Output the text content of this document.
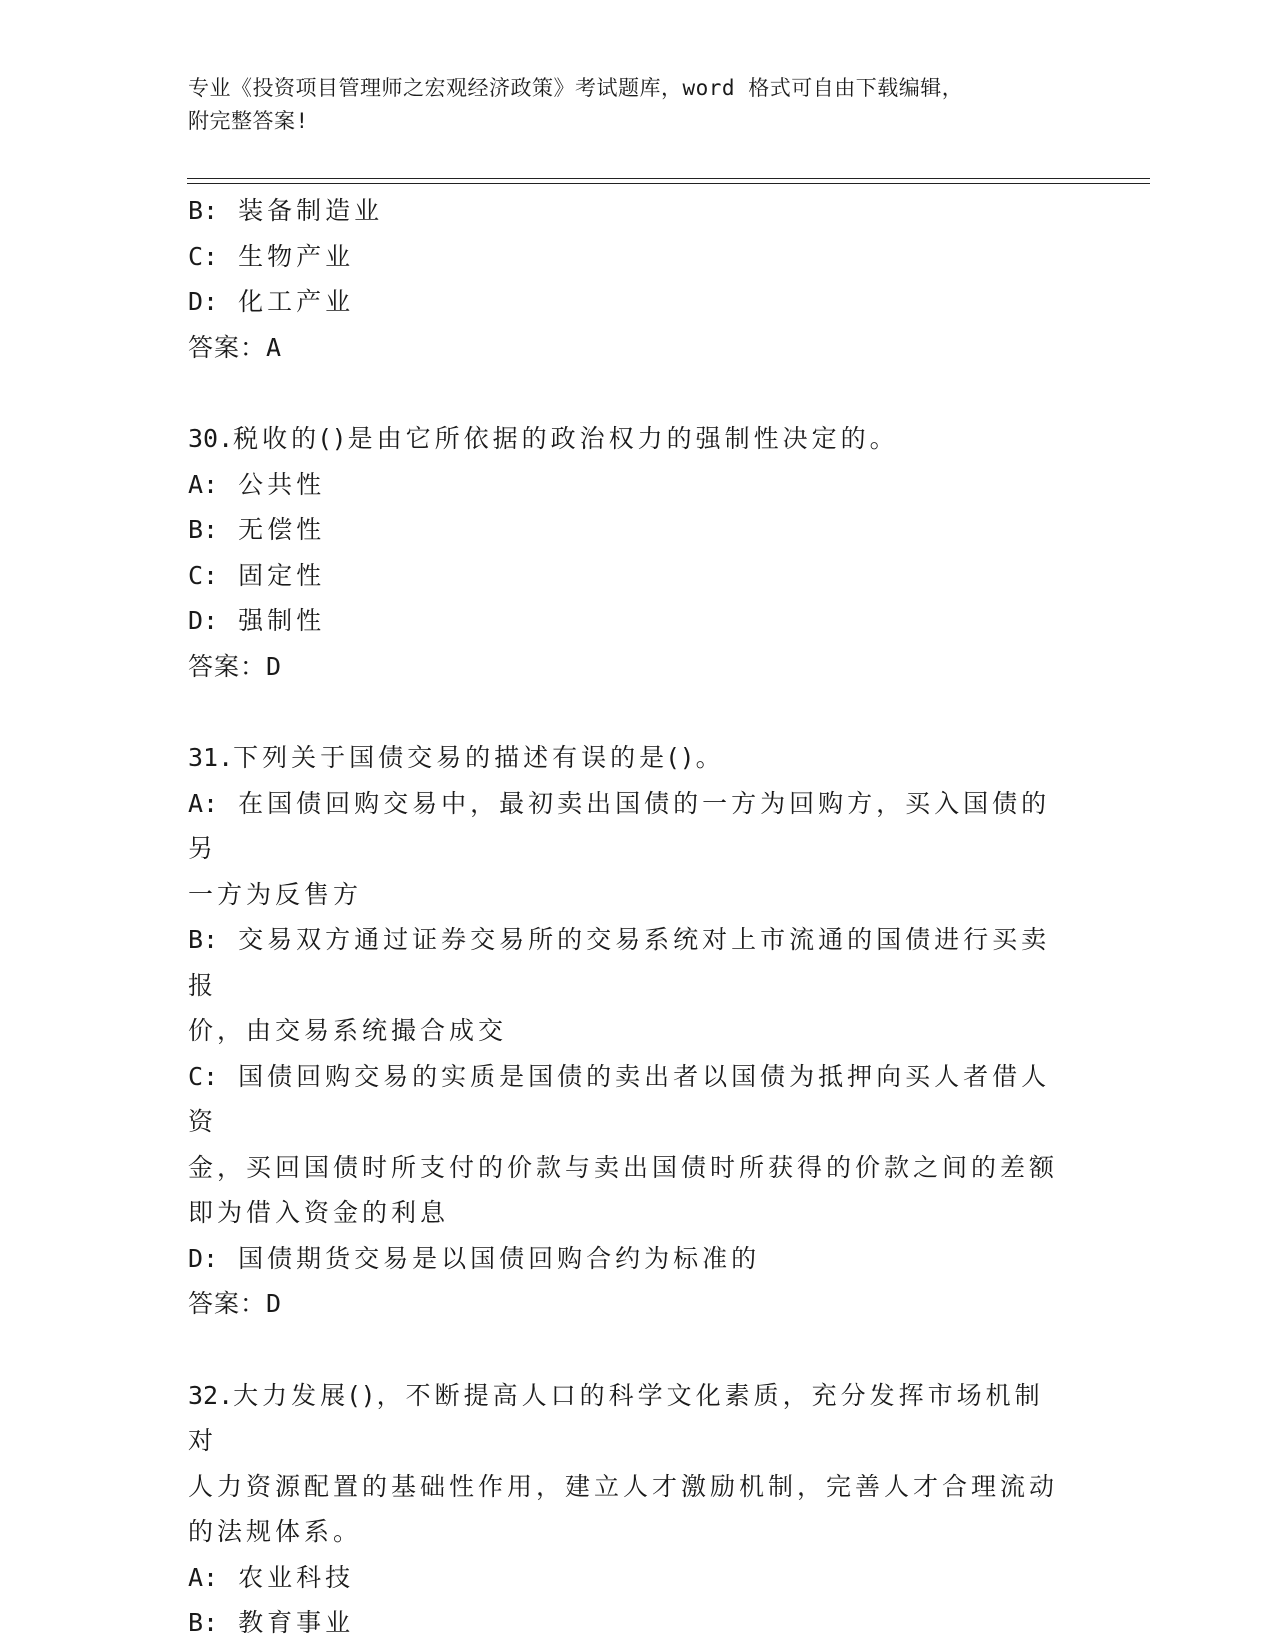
专业《投资项目管理师之宏观经济政策》考试题库，word 格式可自由下载编辑，
附完整答案!
B: 装备制造业
C: 生物产业
D: 化工产业
答案：A
30.税收的()是由它所依据的政治权力的强制性决定的。
A: 公共性
B: 无偿性
C: 固定性
D: 强制性
答案：D
31.下列关于国债交易的描述有误的是()。
A: 在国债回购交易中，最初卖出国债的一方为回购方，买入国债的另
一方为反售方
B: 交易双方通过证券交易所的交易系统对上市流通的国债进行买卖报
价，由交易系统撮合成交
C: 国债回购交易的实质是国债的卖出者以国债为抵押向买人者借人资
金，买回国债时所支付的价款与卖出国债时所获得的价款之间的差额
即为借入资金的利息
D: 国债期货交易是以国债回购合约为标准的
答案：D
32.大力发展()，不断提高人口的科学文化素质，充分发挥市场机制对
人力资源配置的基础性作用，建立人才激励机制，完善人才合理流动
的法规体系。
A: 农业科技
B: 教育事业
